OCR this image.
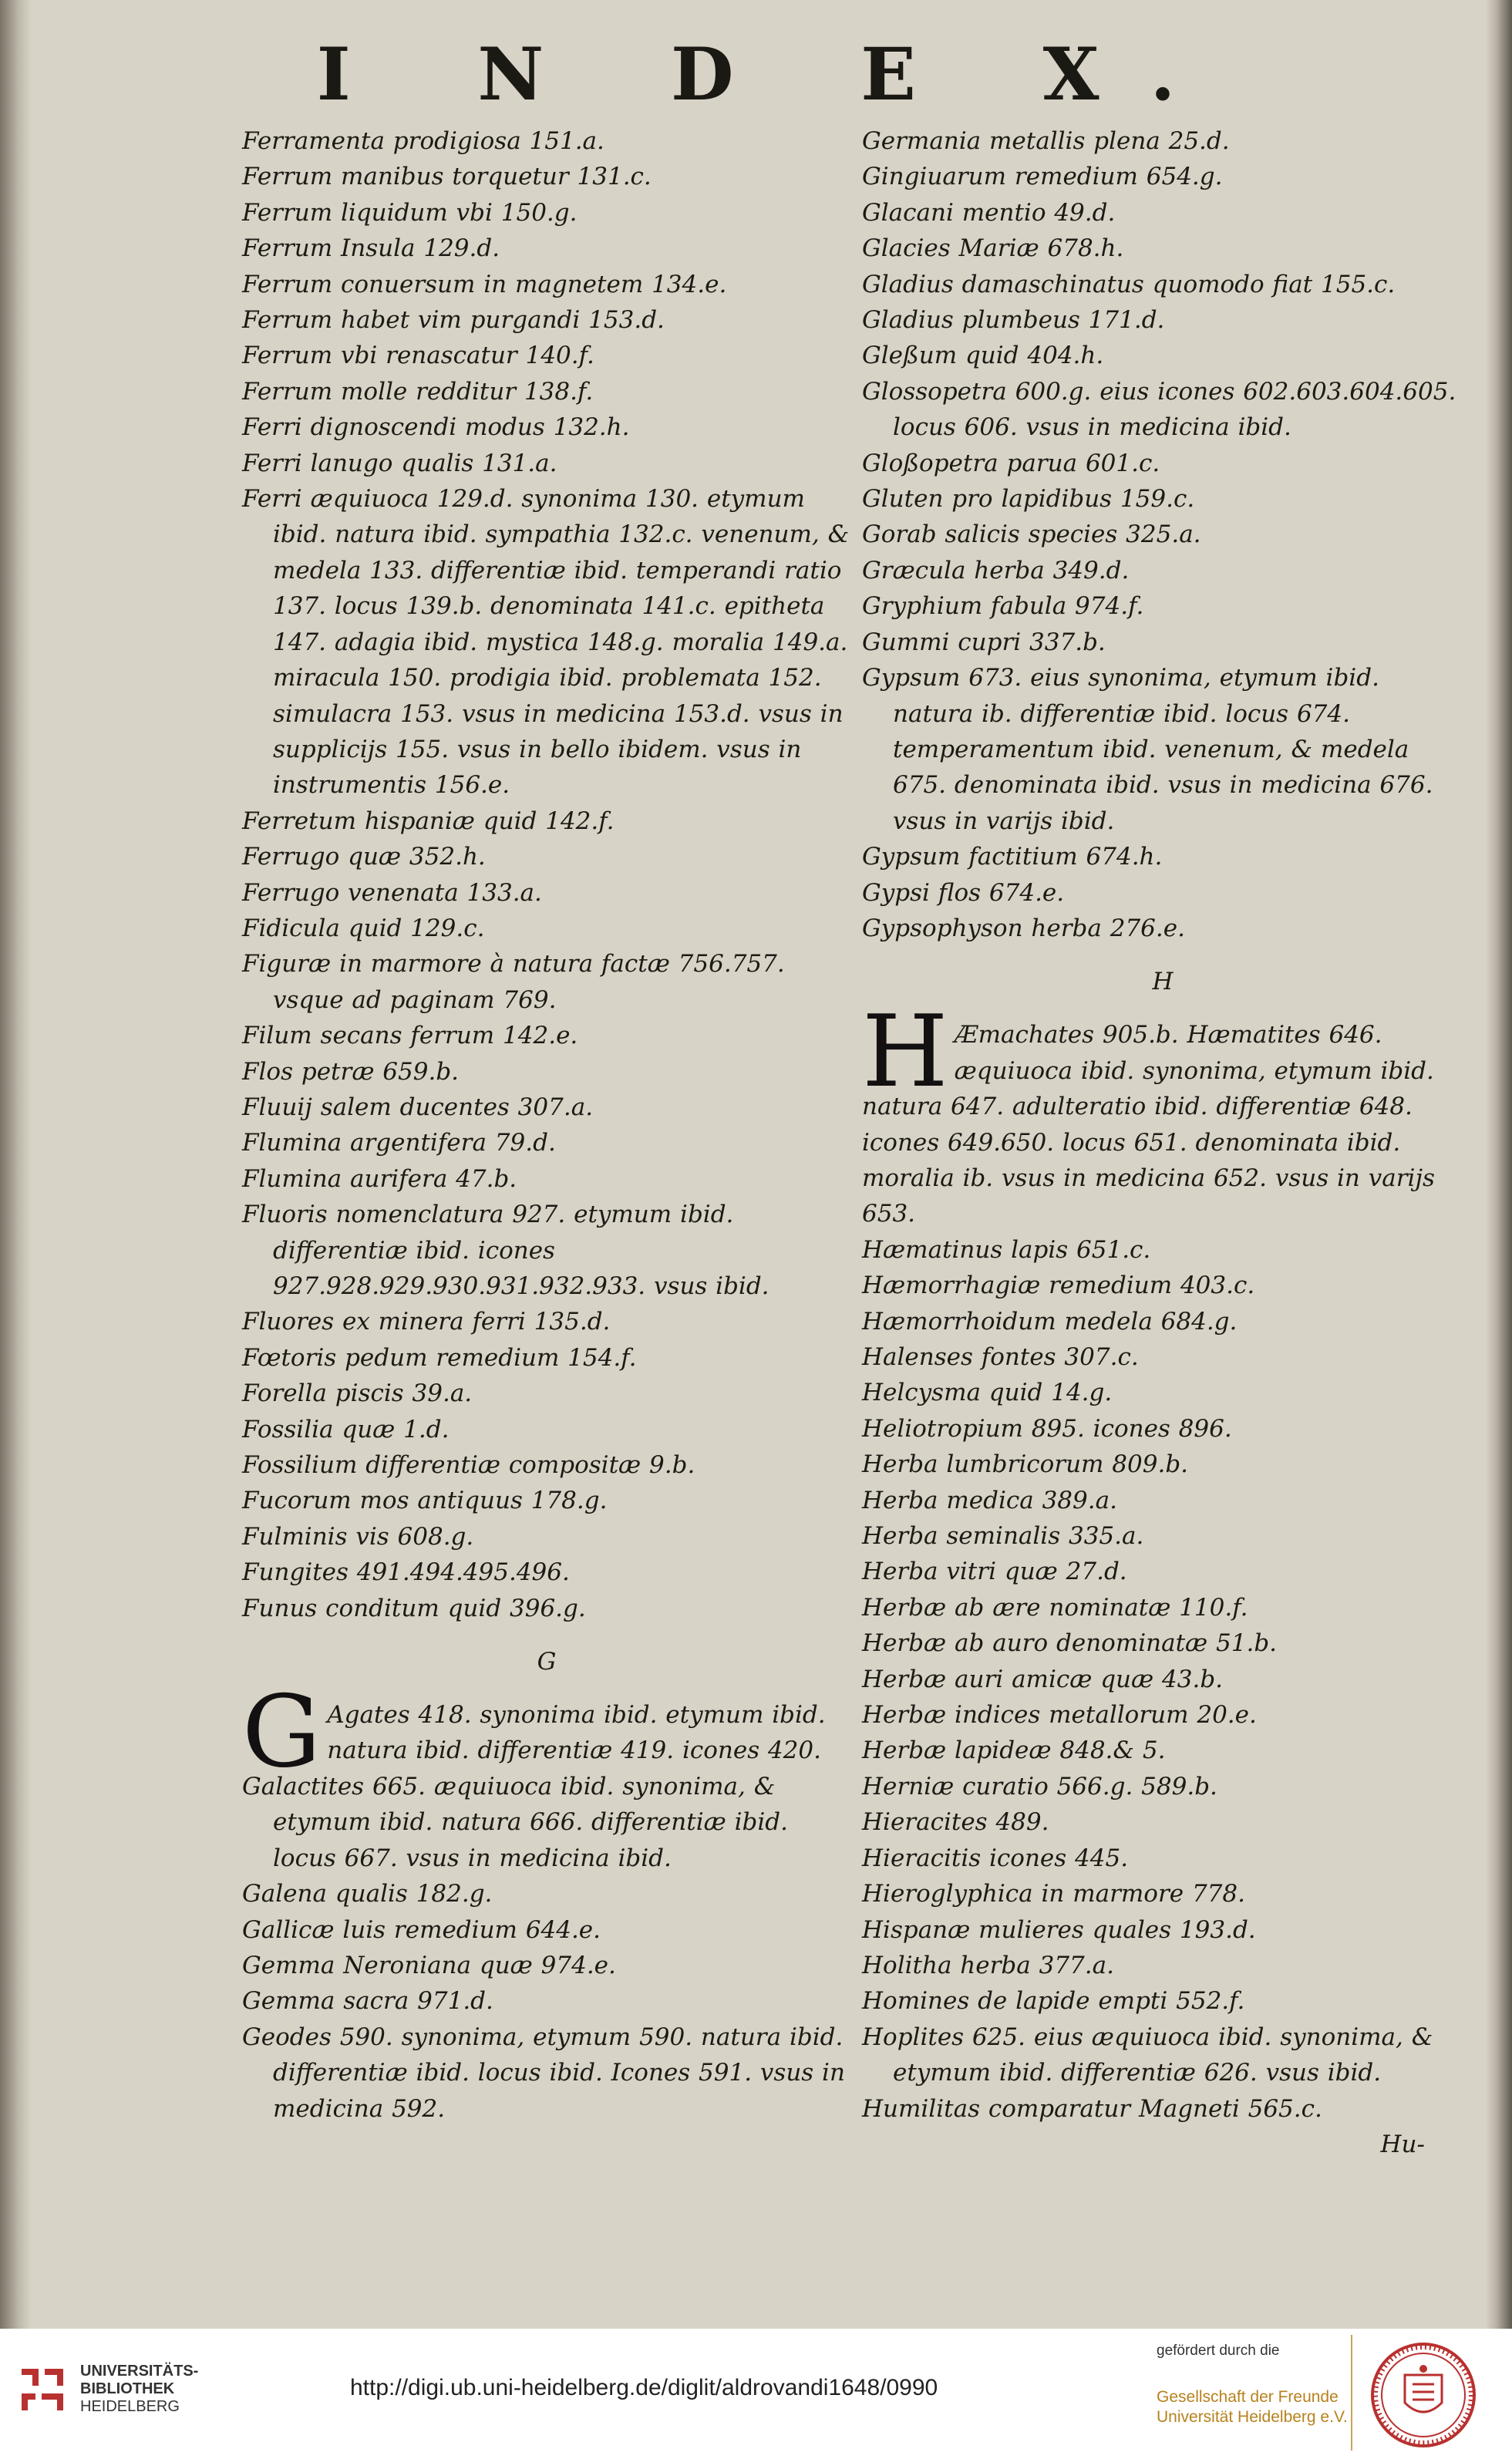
I N D E X.
Ferramenta prodigiosa 151.a.
Ferrum manibus torquetur 131.c.
Ferrum liquidum vbi 150.g.
Ferrum Insula 129.d.
Ferrum conuersum in magnetem 134.e.
Ferrum habet vim purgandi 153.d.
Ferrum vbi renascatur 140.f.
Ferrum molle redditur 138.f.
Ferri dignoscendi modus 132.h.
Ferri lanugo qualis 131.a.
Ferri æquiuoca 129.d. synonima 130. etymum ibid. natura ibid. sympathia 132.c. venenum, & medela 133. differentiæ ibid. temperandi ratio 137. locus 139.b. denominata 141.c. epitheta 147. adagia ibid. mystica 148.g. moralia 149.a. miracula 150. prodigia ibid. problemata 152. simulacra 153. vsus in medicina 153.d. vsus in supplicijs 155. vsus in bello ibidem. vsus in instrumentis 156.e.
Ferretum hispaniæ quid 142.f.
Ferrugo quæ 352.h.
Ferrugo venenata 133.a.
Fidicula quid 129.c.
Figuræ in marmore à natura factæ 756.757. vsque ad paginam 769.
Filum secans ferrum 142.e.
Flos petræ 659.b.
Fluuij salem ducentes 307.a.
Flumina argentifera 79.d.
Flumina aurifera 47.b.
Fluoris nomenclatura 927. etymum ibid. differentiæ ibid. icones 927.928.929.930.931.932.933. vsus ibid.
Fluores ex minera ferri 135.d.
Fœtoris pedum remedium 154.f.
Forella piscis 39.a.
Fossilia quæ 1.d.
Fossilium differentiæ compositæ 9.b.
Fucorum mos antiquus 178.g.
Fulminis vis 608.g.
Fungites 491.494.495.496.
Funus conditum quid 396.g.
G
G Agates 418. synonima ibid. etymum ibid. natura ibid. differentiæ 419. icones 420.
Galactites 665. æquiuoca ibid. synonima, & etymum ibid. natura 666. differentiæ ibid. locus 667. vsus in medicina ibid.
Galena qualis 182.g.
Gallicæ luis remedium 644.e.
Gemma Neroniana quæ 974.e.
Gemma sacra 971.d.
Geodes 590. synonima, etymum 590. natura ibid. differentiæ ibid. locus ibid. Icones 591. vsus in medicina 592.
Germania metallis plena 25.d.
Gingiuarum remedium 654.g.
Glacani mentio 49.d.
Glacies Mariæ 678.h.
Gladius damaschinatus quomodo fiat 155.c.
Gladius plumbeus 171.d.
Gleßum quid 404.h.
Glossopetra 600.g. eius icones 602.603.604.605. locus 606. vsus in medicina ibid.
Gloßopetra parua 601.c.
Gluten pro lapidibus 159.c.
Gorab salicis species 325.a.
Græcula herba 349.d.
Gryphium fabula 974.f.
Gummi cupri 337.b.
Gypsum 673. eius synonima, etymum ibid. natura ib. differentiæ ibid. locus 674. temperamentum ibid. venenum, & medela 675. denominata ibid. vsus in medicina 676. vsus in varijs ibid.
Gypsum factitium 674.h.
Gypsi flos 674.e.
Gypsophyson herba 276.e.
H
H Æmachates 905.b. Hæmatites 646. æquiuoca ibid. synonima, etymum ibid. natura 647. adulteratio ibid. differentiæ 648. icones 649.650. locus 651. denominata ibid. moralia ib. vsus in medicina 652. vsus in varijs 653.
Hæmatinus lapis 651.c.
Hæmorrhagiæ remedium 403.c.
Hæmorrhoidum medela 684.g.
Halenses fontes 307.c.
Helcysma quid 14.g.
Heliotropium 895. icones 896.
Herba lumbricorum 809.b.
Herba medica 389.a.
Herba seminalis 335.a.
Herba vitri quæ 27.d.
Herbæ ab ære nominatæ 110.f.
Herbæ ab auro denominatæ 51.b.
Herbæ auri amicæ quæ 43.b.
Herbæ indices metallorum 20.e.
Herbæ lapideæ 848.& 5.
Herniæ curatio 566.g. 589.b.
Hieracites 489.
Hieracitis icones 445.
Hieroglyphica in marmore 778.
Hispanæ mulieres quales 193.d.
Holitha herba 377.a.
Homines de lapide empti 552.f.
Hoplites 625. eius æquiuoca ibid. synonima, & etymum ibid. differentiæ 626. vsus ibid.
Humilitas comparatur Magneti 565.c.
Hu-
UNIVERSITÄTS-
BIBLIOTHEK
HEIDELBERG
http://digi.ub.uni-heidelberg.de/diglit/aldrovandi1648/0990
gefördert durch die
Gesellschaft der Freunde
Universität Heidelberg e.V.
